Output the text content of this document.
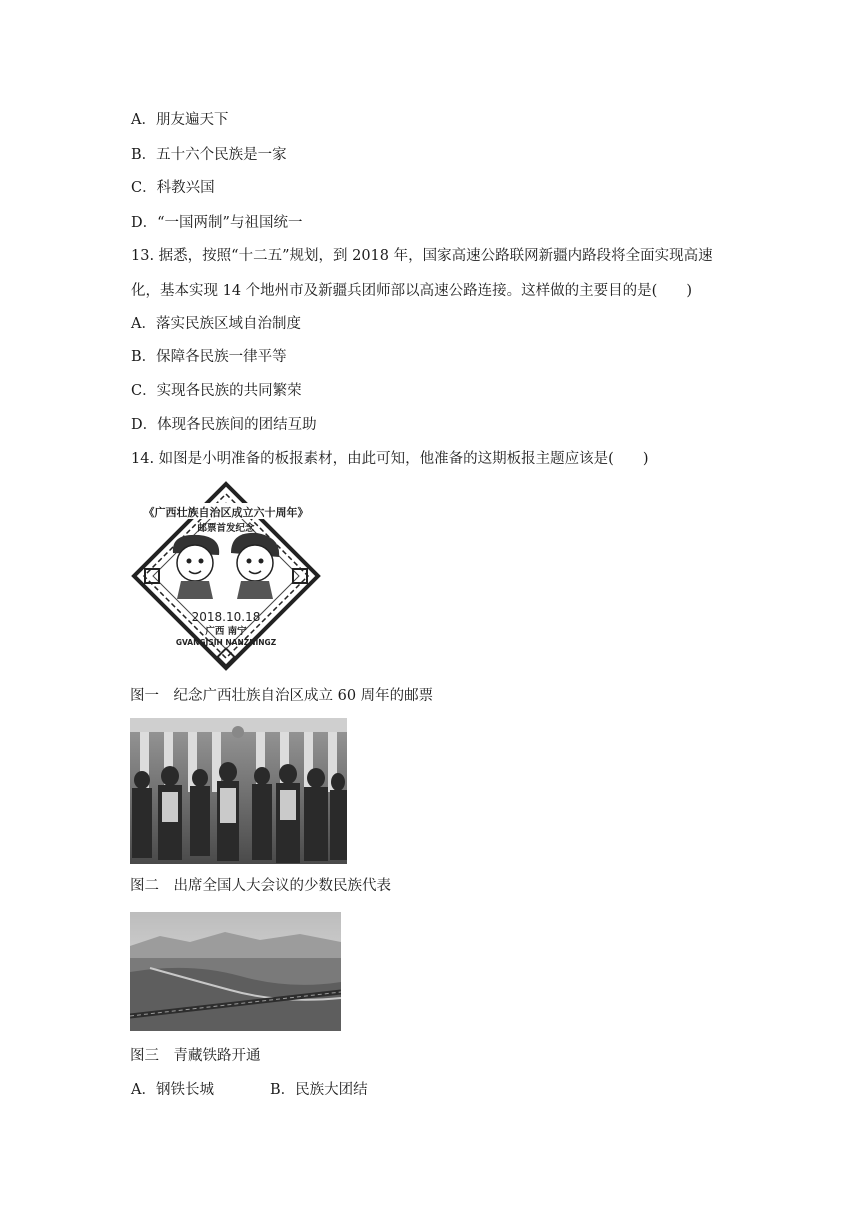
A．朋友遍天下
B．五十六个民族是一家
C．科教兴国
D．“一国两制”与祖国统一
13. 据悉，按照“十二五”规划，到 2018 年，国家高速公路联网新疆内路段将全面实现高速
化，基本实现 14 个地州市及新疆兵团师部以高速公路连接。这样做的主要目的是(　　)
A．落实民族区域自治制度
B．保障各民族一律平等
C．实现各民族的共同繁荣
D．体现各民族间的团结互助
14. 如图是小明准备的板报素材，由此可知，他准备的这期板报主题应该是(　　)
《广西壮族自治区成立六十周年》
邮票首发纪念
2018.10.18
广西 南宁
GVANGJSIH NANZNINGZ
图一　纪念广西壮族自治区成立 60 周年的邮票
图二　出席全国人大会议的少数民族代表
图三　青藏铁路开通
A．钢铁长城	B．民族大团结
